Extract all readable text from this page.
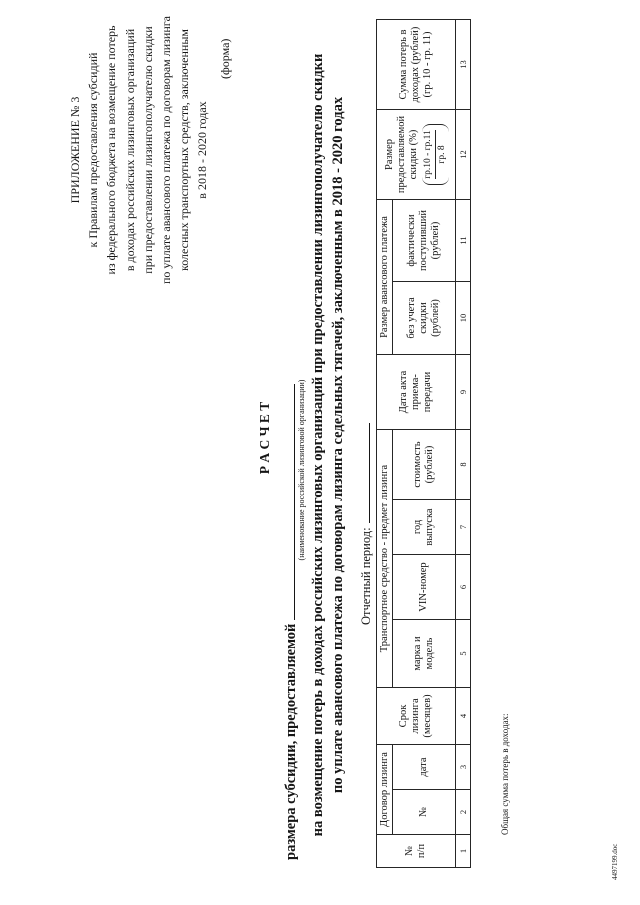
ПРИЛОЖЕНИЕ № 3 к Правилам предоставления субсидий из федерального бюджета на возмещение потерь в доходах российских лизинговых организаций при предоставлении лизингополучателю скидки по уплате авансового платежа по договорам лизинга колесных транспортных средств, заключенным в 2018 - 2020 годах
(форма)
Р А С Ч Е Т
размера субсидии, предоставляемой
(наименование российской лизинговой организации) на возмещение потерь в доходах российских лизинговых организаций при предоставлении лизингополучателю скидки по уплате авансового платежа по договорам лизинга седельных тягачей, заключенным в 2018 - 2020 годах Отчетный период:
№ п/п	Договор лизинга		Срок лизинга (месяцев)	Транспортное средство - предмет лизинга				Дата акта приема- передачи	Размер авансового платежа		Размер предоставляемой скидки (%) гр.10 - гр.11 гр. 8	Сумма потерь в доходах (рублей) (гр. 10 - гр. 11)

	№	дата		марка и модель	VIN-номер	год выпуска	стоимость (рублей)		без учета скидки (рублей)	фактически поступивший (рублей)		

1	2	3	4	5	6	7	8	9	10	11	12	13
Общая сумма потерь в доходах:
4497199.doc
